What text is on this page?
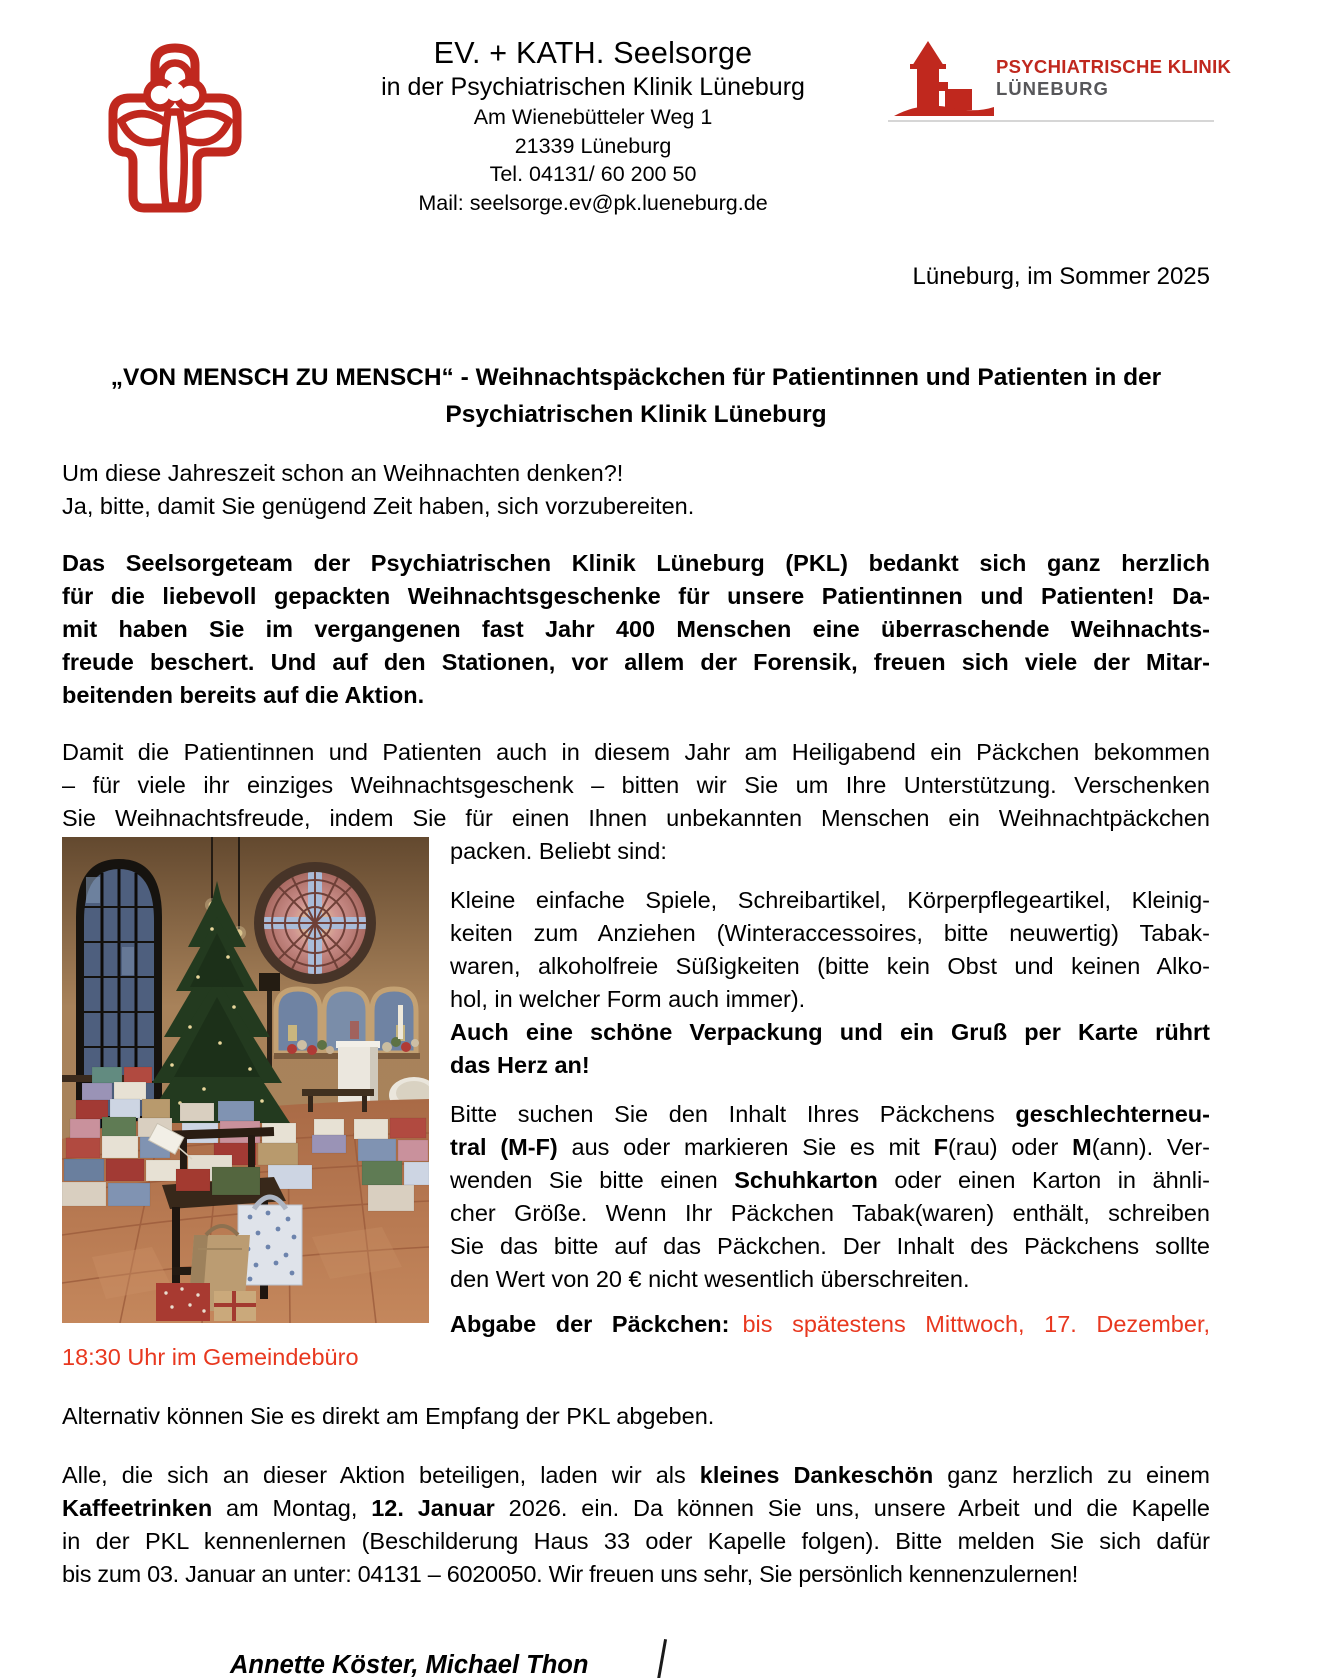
EV. + KATH. Seelsorge
in der Psychiatrischen Klinik Lüneburg
Am Wienebütteler Weg 1
21339 Lüneburg
Tel. 04131/ 60 200 50
Mail: seelsorge.ev@pk.lueneburg.de
PSYCHIATRISCHE KLINIK
LÜNEBURG
Lüneburg, im Sommer 2025
„VON MENSCH ZU MENSCH“ - Weihnachtspäckchen für Patientinnen und Patienten in der
Psychiatrischen Klinik Lüneburg
Um diese Jahreszeit schon an Weihnachten denken?!
Ja, bitte, damit Sie genügend Zeit haben, sich vorzubereiten.
Das Seelsorgeteam der Psychiatrischen Klinik Lüneburg (PKL) bedankt sich ganz herzlich
für die liebevoll gepackten Weihnachtsgeschenke für unsere Patientinnen und Patienten! Da-
mit haben Sie im vergangenen fast Jahr 400 Menschen eine überraschende Weihnachts-
freude beschert. Und auf den Stationen, vor allem der Forensik, freuen sich viele der Mitar-
beitenden bereits auf die Aktion.
Damit die Patientinnen und Patienten auch in diesem Jahr am Heiligabend ein Päckchen bekommen
– für viele ihr einziges Weihnachtsgeschenk – bitten wir Sie um Ihre Unterstützung. Verschenken
Sie Weihnachtsfreude, indem Sie für einen Ihnen unbekannten Menschen ein Weihnachtpäckchen
packen. Beliebt sind:
Kleine einfache Spiele, Schreibartikel, Körperpflegeartikel, Kleinig-
keiten zum Anziehen (Winteraccessoires, bitte neuwertig) Tabak-
waren, alkoholfreie Süßigkeiten (bitte kein Obst und keinen Alko-
hol, in welcher Form auch immer).
Auch eine schöne Verpackung und ein Gruß per Karte rührt
das Herz an!
Bitte suchen Sie den Inhalt Ihres Päckchens geschlechterneu-
tral (M-F) aus oder markieren Sie es mit F(rau) oder M(ann). Ver-
wenden Sie bitte einen Schuhkarton oder einen Karton in ähnli-
cher Größe. Wenn Ihr Päckchen Tabak(waren) enthält, schreiben
Sie das bitte auf das Päckchen. Der Inhalt des Päckchens sollte
den Wert von 20 € nicht wesentlich überschreiten.
Abgabe der Päckchen: bis spätestens Mittwoch, 17. Dezember,
18:30 Uhr im Gemeindebüro
Alternativ können Sie es direkt am Empfang der PKL abgeben.
Alle, die sich an dieser Aktion beteiligen, laden wir als kleines Dankeschön ganz herzlich zu einem
Kaffeetrinken am Montag, 12. Januar 2026. ein. Da können Sie uns, unsere Arbeit und die Kapelle
in der PKL kennenlernen (Beschilderung Haus 33 oder Kapelle folgen). Bitte melden Sie sich dafür
bis zum 03. Januar an unter: 04131 – 6020050. Wir freuen uns sehr, Sie persönlich kennenzulernen!
Annette Köster, Michael Thon
